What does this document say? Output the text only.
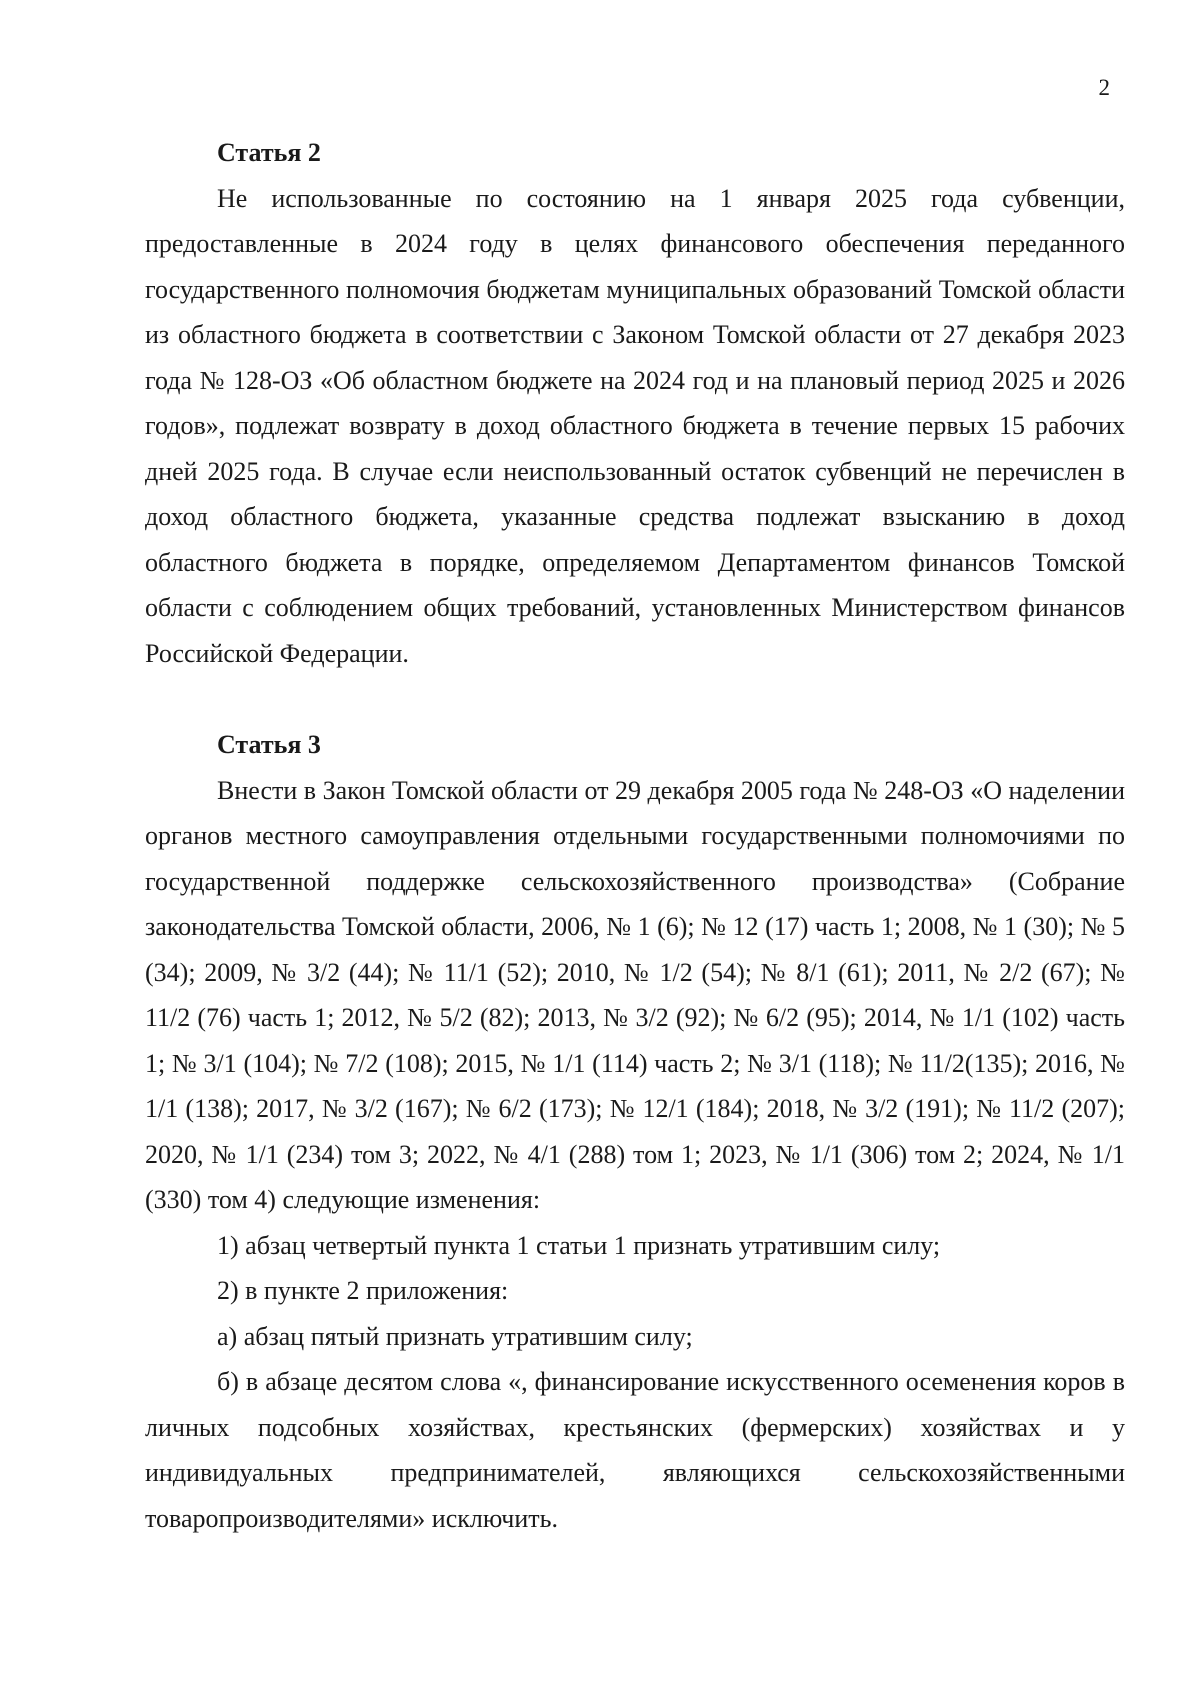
2
Статья 2

Не использованные по состоянию на 1 января 2025 года субвенции, предоставленные в 2024 году в целях финансового обеспечения переданного государственного полномочия бюджетам муниципальных образований Томской области из областного бюджета в соответствии с Законом Томской области от 27 декабря 2023 года № 128-ОЗ «Об областном бюджете на 2024 год и на плановый период 2025 и 2026 годов», подлежат возврату в доход областного бюджета в течение первых 15 рабочих дней 2025 года. В случае если неиспользованный остаток субвенций не перечислен в доход областного бюджета, указанные средства подлежат взысканию в доход областного бюджета в порядке, определяемом Департаментом финансов Томской области с соблюдением общих требований, установленных Министерством финансов Российской Федерации.

Статья 3

Внести в Закон Томской области от 29 декабря 2005 года № 248-ОЗ «О наделении органов местного самоуправления отдельными государственными полномочиями по государственной поддержке сельскохозяйственного производства» (Собрание законодательства Томской области, 2006, № 1 (6); № 12 (17) часть 1; 2008, № 1 (30); № 5 (34); 2009, № 3/2 (44); № 11/1 (52); 2010, № 1/2 (54); № 8/1 (61); 2011, № 2/2 (67); № 11/2 (76) часть 1; 2012, № 5/2 (82); 2013, № 3/2 (92); № 6/2 (95); 2014, № 1/1 (102) часть 1; № 3/1 (104); № 7/2 (108); 2015, № 1/1 (114) часть 2; № 3/1 (118); № 11/2(135); 2016, № 1/1 (138); 2017, № 3/2 (167); № 6/2 (173); № 12/1 (184); 2018, № 3/2 (191); № 11/2 (207); 2020, № 1/1 (234) том 3; 2022, № 4/1 (288) том 1; 2023, № 1/1 (306) том 2; 2024, № 1/1 (330) том 4) следующие изменения:

1) абзац четвертый пункта 1 статьи 1 признать утратившим силу;

2) в пункте 2 приложения:

а) абзац пятый признать утратившим силу;

б) в абзаце десятом слова «, финансирование искусственного осеменения коров в личных подсобных хозяйствах, крестьянских (фермерских) хозяйствах и у индивидуальных предпринимателей, являющихся сельскохозяйственными товаропроизводителями» исключить.
